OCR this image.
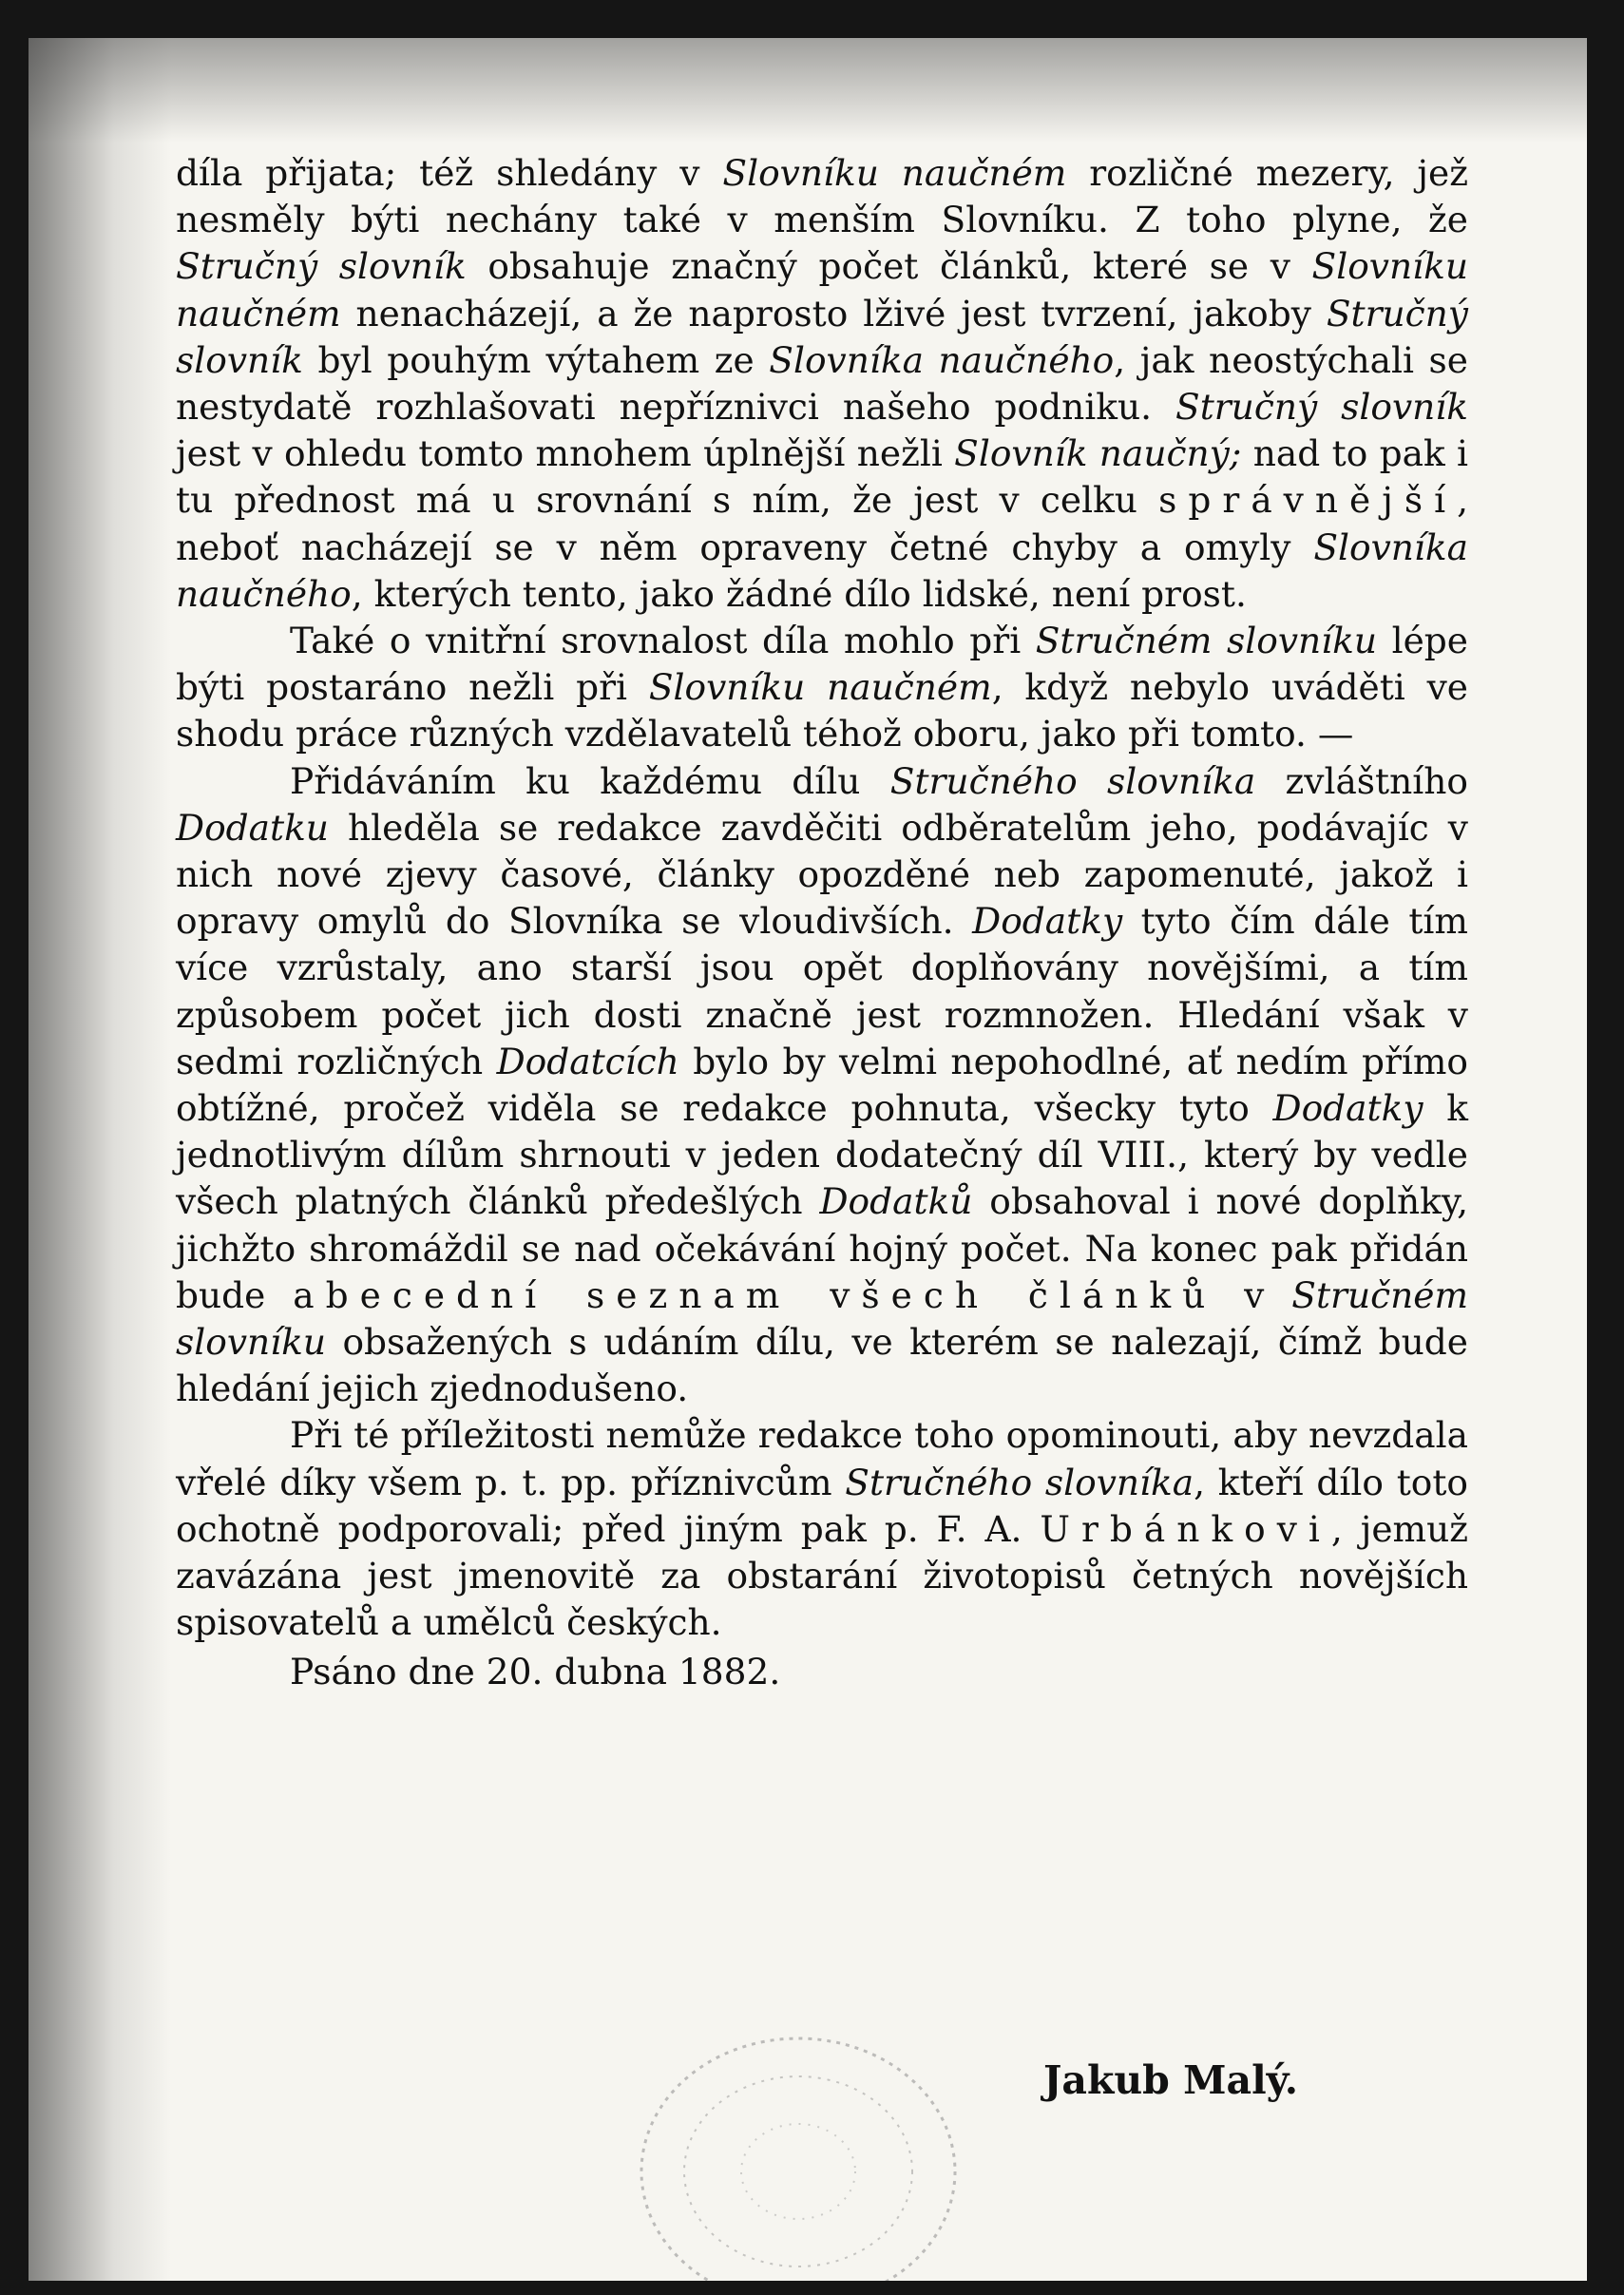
díla přijata; též shledány v Slovníku naučném rozličné mezery, jež nesměly býti nechány také v menším Slovníku. Z toho plyne, že Stručný slovník obsahuje značný počet článků, které se v Slovníku naučném nenacházejí, a že naprosto lživé jest tvrzení, jakoby Stručný slovník byl pouhým výtahem ze Slovníka naučného, jak neostýchali se nestydatě rozhlašovati nepříznivci našeho podniku. Stručný slovník jest v ohledu tomto mnohem úplnější nežli Slovník naučný; nad to pak i tu přednost má u srovnání s ním, že jest v celku správnější, neboť nacházejí se v něm opraveny četné chyby a omyly Slovníka naučného, kterých tento, jako žádné dílo lidské, není prost.

Také o vnitřní srovnalost díla mohlo při Stručném slovníku lépe býti postaráno nežli při Slovníku naučném, když nebylo uváděti ve shodu práce různých vzdělavatelů téhož oboru, jako při tomto. —

Přidáváním ku každému dílu Stručného slovníka zvláštního Dodatku hleděla se redakce zavděčiti odběratelům jeho, podávajíc v nich nové zjevy časové, články opozděné neb zapomenuté, jakož i opravy omylů do Slovníka se vloudivších. Dodatky tyto čím dále tím více vzrůstaly, ano starší jsou opět doplňovány novějšími, a tím způsobem počet jich dosti značně jest rozmnožen. Hledání však v sedmi rozličných Dodatcích bylo by velmi nepohodlné, ať nedím přímo obtížné, pročež viděla se redakce pohnuta, všecky tyto Dodatky k jednotlivým dílům shrnouti v jeden dodatečný díl VIII., který by vedle všech platných článků předešlých Dodatků obsahoval i nové doplňky, jichžto shromáždil se nad očekávání hojný počet. Na konec pak přidán bude abecední seznam všech článků v Stručném slovníku obsažených s udáním dílu, ve kterém se nalezají, čímž bude hledání jejich zjednodušeno.

Při té příležitosti nemůže redakce toho opominouti, aby nevzdala vřelé díky všem p. t. pp. příznivcům Stručného slovníka, kteří dílo toto ochotně podporovali; před jiným pak p. F. A. Urbánkovi, jemuž zavázána jest jmenovitě za obstarání životopisů četných novějších spisovatelů a umělců českých.

Psáno dne 20. dubna 1882.

Jakub Malý.
